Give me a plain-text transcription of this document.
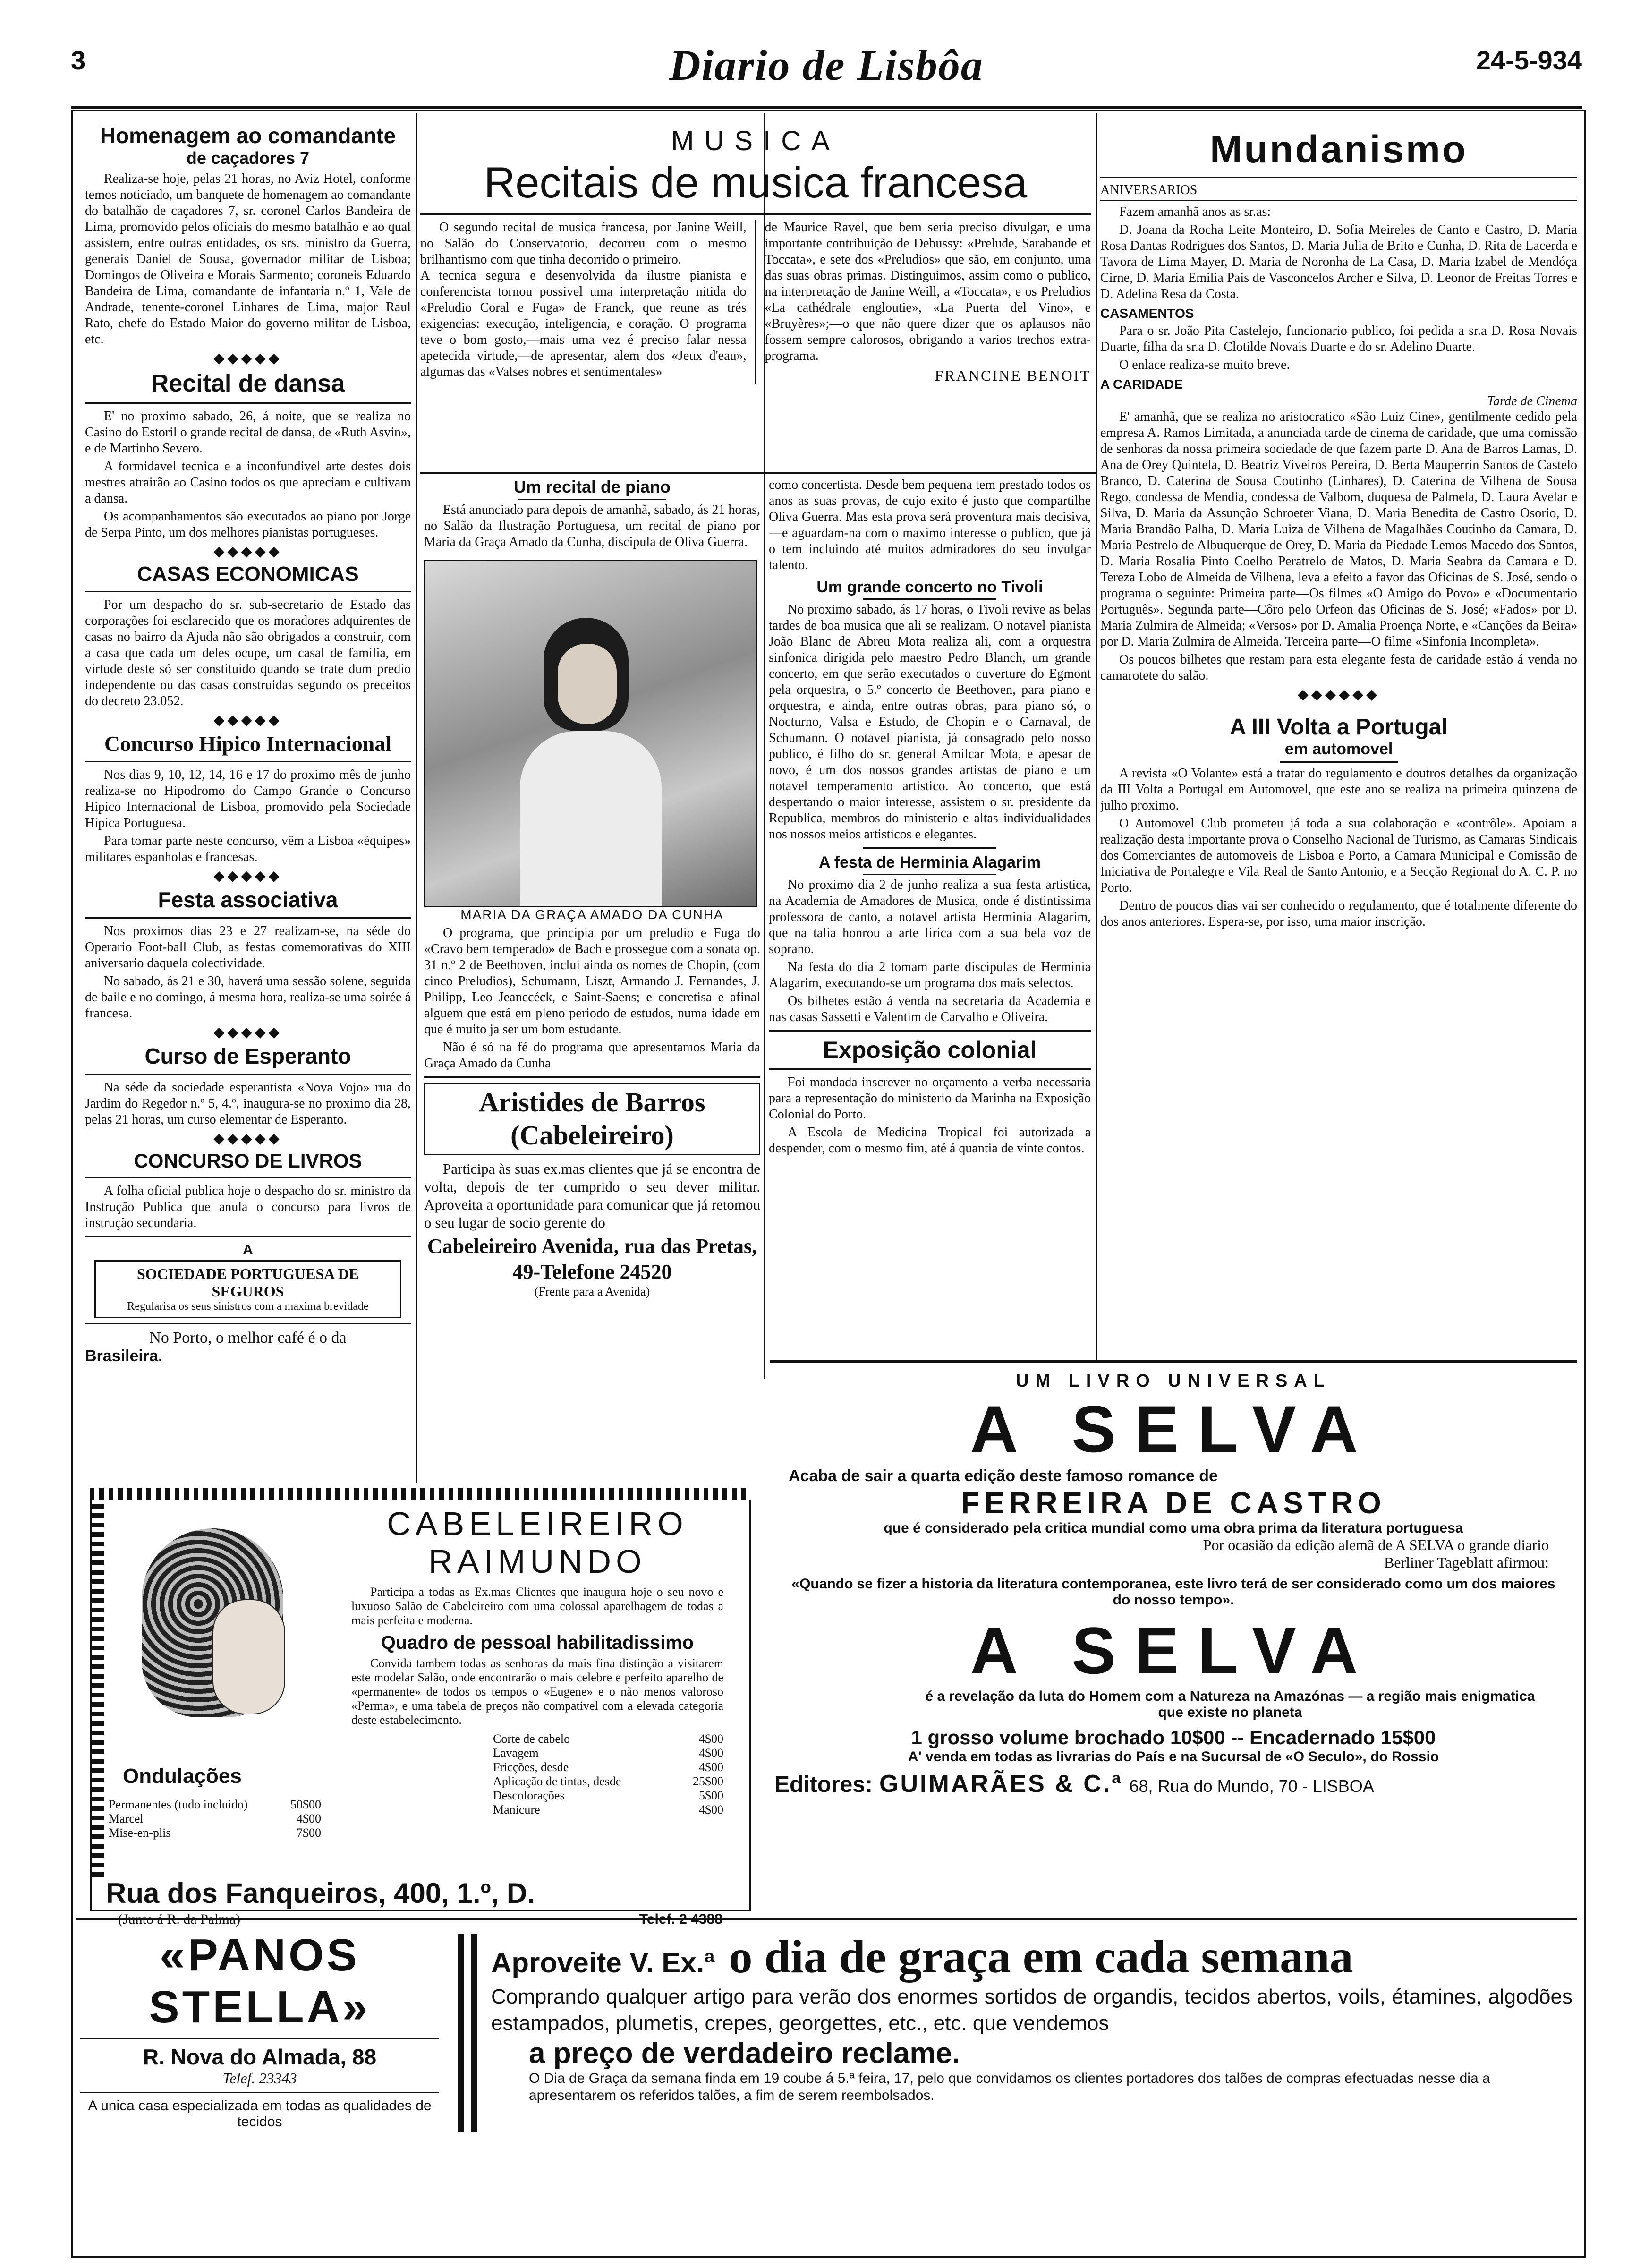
3	Diario de Lisbôa	24-5-934
Homenagem ao comandante
de caçadores 7

Realiza-se hoje, pelas 21 horas, no Aviz Hotel, conforme temos noticiado, um banquete de homenagem ao comandante do batalhão de caçadores 7, sr. coronel Carlos Bandeira de Lima, promovido pelos oficiais do mesmo batalhão e ao qual assistem, entre outras entidades, os srs. ministro da Guerra, generais Daniel de Sousa, governador militar de Lisboa; Domingos de Oliveira e Morais Sarmento; coroneis Eduardo Bandeira de Lima, comandante de infantaria n.º 1, Vale de Andrade, tenente-coronel Linhares de Lima, major Raul Rato, chefe do Estado Maior do governo militar de Lisboa, etc.

◆◆◆◆◆
Recital de dansa

E' no proximo sabado, 26, á noite, que se realiza no Casino do Estoril o grande recital de dansa, de «Ruth Asvin», e de Martinho Severo.

A formidavel tecnica e a inconfundivel arte destes dois mestres atrairão ao Casino todos os que apreciam e cultivam a dansa.

Os acompanhamentos são executados ao piano por Jorge de Serpa Pinto, um dos melhores pianistas portugueses.

◆◆◆◆◆
CASAS ECONOMICAS

Por um despacho do sr. sub-secretario de Estado das corporações foi esclarecido que os moradores adquirentes de casas no bairro da Ajuda não são obrigados a construir, com a casa que cada um deles ocupe, um casal de familia, em virtude deste só ser constituido quando se trate dum predio independente ou das casas construidas segundo os preceitos do decreto 23.052.

◆◆◆◆◆
Concurso Hipico Internacional

Nos dias 9, 10, 12, 14, 16 e 17 do proximo mês de junho realiza-se no Hipodromo do Campo Grande o Concurso Hipico Internacional de Lisboa, promovido pela Sociedade Hipica Portuguesa.

Para tomar parte neste concurso, vêm a Lisboa «équipes» militares espanholas e francesas.

◆◆◆◆◆
Festa associativa

Nos proximos dias 23 e 27 realizam-se, na séde do Operario Foot-ball Club, as festas comemorativas do XIII aniversario daquela colectividade.

No sabado, ás 21 e 30, haverá uma sessão solene, seguida de baile e no domingo, á mesma hora, realiza-se uma soirée á francesa.

◆◆◆◆◆
Curso de Esperanto

Na séde da sociedade esperantista «Nova Vojo» rua do Jardim do Regedor n.º 5, 4.º, inaugura-se no proximo dia 28, pelas 21 horas, um curso elementar de Esperanto.

◆◆◆◆◆
CONCURSO DE LIVROS

A folha oficial publica hoje o despacho do sr. ministro da Instrução Publica que anula o concurso para livros de instrução secundaria.

A
SOCIEDADE PORTUGUESA DE SEGUROS
Regularisa os seus sinistros com a maxima brevidade
No Porto, o melhor café é o da
Brasileira.
MUSICA
Recitais de musica francesa
O segundo recital de musica francesa, por Janine Weill, no Salão do Conservatorio, decorreu com o mesmo brilhantismo com que tinha decorrido o primeiro.
A tecnica segura e desenvolvida da ilustre pianista e conferencista tornou possivel uma interpretação nitida do «Preludio Coral e Fuga» de Franck, que reune as trés exigencias: execução, inteligencia, e coração. O programa teve o bom gosto,—mais uma vez é preciso falar nessa apetecida virtude,—de apresentar, alem dos «Jeux d'eau», algumas das «Valses nobres et sentimentales»
de Maurice Ravel, que bem seria preciso divulgar, e uma importante contribuição de Debussy: «Prelude, Sarabande et Toccata», e sete dos «Preludios» que são, em conjunto, uma das suas obras primas. Distinguimos, assim como o publico, na interpretação de Janine Weill, a «Toccata», e os Preludios «La cathédrale engloutie», «La Puerta del Vino», e «Bruyères»;—o que não quere dizer que os aplausos não fossem sempre calorosos, obrigando a varios trechos extra-programa.
FRANCINE BENOIT
Um recital de piano

Está anunciado para depois de amanhã, sabado, ás 21 horas, no Salão da Ilustração Portuguesa, um recital de piano por Maria da Graça Amado da Cunha, discipula de Oliva Guerra.

MARIA DA GRAÇA AMADO DA CUNHA

O programa, que principia por um preludio e Fuga do «Cravo bem temperado» de Bach e prossegue com a sonata op. 31 n.º 2 de Beethoven, inclui ainda os nomes de Chopin, (com cinco Preludios), Schumann, Liszt, Armando J. Fernandes, J. Philipp, Leo Jeanccéck, e Saint-Saens; e concretisa e afinal alguem que está em pleno periodo de estudos, numa idade em que é muito ja ser um bom estudante.

Não é só na fé do programa que apresentamos Maria da Graça Amado da Cunha

Aristides de Barros (Cabeleireiro)

Participa às suas ex.mas clientes que já se encontra de volta, depois de ter cumprido o seu dever militar. Aproveita a oportunidade para comunicar que já retomou o seu lugar de socio gerente do

Cabeleireiro Avenida, rua das Pretas, 49-Telefone 24520
(Frente para a Avenida)

como concertista. Desde bem pequena tem prestado todos os anos as suas provas, de cujo exito é justo que compartilhe Oliva Guerra. Mas esta prova será proventura mais decisiva,—e aguardam-na com o maximo interesse o publico, que já o tem incluindo até muitos admiradores do seu invulgar talento.

Um grande concerto no Tivoli

No proximo sabado, ás 17 horas, o Tivoli revive as belas tardes de boa musica que ali se realizam. O notavel pianista João Blanc de Abreu Mota realiza ali, com a orquestra sinfonica dirigida pelo maestro Pedro Blanch, um grande concerto, em que serão executados o cuverture do Egmont pela orquestra, o 5.º concerto de Beethoven, para piano e orquestra, e ainda, entre outras obras, para piano só, o Nocturno, Valsa e Estudo, de Chopin e o Carnaval, de Schumann. O notavel pianista, já consagrado pelo nosso publico, é filho do sr. general Amilcar Mota, e apesar de novo, é um dos nossos grandes artistas de piano e um notavel temperamento artistico. Ao concerto, que está despertando o maior interesse, assistem o sr. presidente da Republica, membros do ministerio e altas individualidades nos nossos meios artisticos e elegantes.

A festa de Herminia Alagarim

No proximo dia 2 de junho realiza a sua festa artistica, na Academia de Amadores de Musica, onde é distintissima professora de canto, a notavel artista Herminia Alagarim, que na talia honrou a arte lirica com a sua bela voz de soprano.

Na festa do dia 2 tomam parte discipulas de Herminia Alagarim, executando-se um programa dos mais selectos.

Os bilhetes estão á venda na secretaria da Academia e nas casas Sassetti e Valentim de Carvalho e Oliveira.

Exposição colonial

Foi mandada inscrever no orçamento a verba necessaria para a representação do ministerio da Marinha na Exposição Colonial do Porto.

A Escola de Medicina Tropical foi autorizada a despender, com o mesmo fim, até á quantia de vinte contos.

Mundanismo
ANIVERSARIOS

Fazem amanhã anos as sr.as:

D. Joana da Rocha Leite Monteiro, D. Sofia Meireles de Canto e Castro, D. Maria Rosa Dantas Rodrigues dos Santos, D. Maria Julia de Brito e Cunha, D. Rita de Lacerda e Tavora de Lima Mayer, D. Maria de Noronha de La Casa, D. Maria Izabel de Mendóça Cirne, D. Maria Emilia Pais de Vasconcelos Archer e Silva, D. Leonor de Freitas Torres e D. Adelina Resa da Costa.

CASAMENTOS

Para o sr. João Pita Castelejo, funcionario publico, foi pedida a sr.a D. Rosa Novais Duarte, filha da sr.a D. Clotilde Novais Duarte e do sr. Adelino Duarte.

O enlace realiza-se muito breve.

A CARIDADE
Tarde de Cinema

E' amanhã, que se realiza no aristocratico «São Luiz Cine», gentilmente cedido pela empresa A. Ramos Limitada, a anunciada tarde de cinema de caridade, que uma comissão de senhoras da nossa primeira sociedade de que fazem parte D. Ana de Barros Lamas, D. Ana de Orey Quintela, D. Beatriz Viveiros Pereira, D. Berta Mauperrin Santos de Castelo Branco, D. Caterina de Sousa Coutinho (Linhares), D. Caterina de Vilhena de Sousa Rego, condessa de Mendia, condessa de Valbom, duquesa de Palmela, D. Laura Avelar e Silva, D. Maria da Assunção Schroeter Viana, D. Maria Benedita de Castro Osorio, D. Maria Brandão Palha, D. Maria Luiza de Vilhena de Magalhães Coutinho da Camara, D. Maria Pestrelo de Albuquerque de Orey, D. Maria da Piedade Lemos Macedo dos Santos, D. Maria Rosalia Pinto Coelho Peratrelo de Matos, D. Maria Seabra da Camara e D. Tereza Lobo de Almeida de Vilhena, leva a efeito a favor das Oficinas de S. José, sendo o programa o seguinte: Primeira parte—Os filmes «O Amigo do Povo» e «Documentario Português». Segunda parte—Côro pelo Orfeon das Oficinas de S. José; «Fados» por D. Maria Zulmira de Almeida; «Versos» por D. Amalia Proença Norte, e «Canções da Beira» por D. Maria Zulmira de Almeida. Terceira parte—O filme «Sinfonia Incompleta».

Os poucos bilhetes que restam para esta elegante festa de caridade estão á venda no camarotete do salão.

◆◆◆◆◆◆
A III Volta a Portugal
em automovel

A revista «O Volante» está a tratar do regulamento e doutros detalhes da organização da III Volta a Portugal em Automovel, que este ano se realiza na primeira quinzena de julho proximo.

O Automovel Club prometeu já toda a sua colaboração e «contrôle». Apoiam a realização desta importante prova o Conselho Nacional de Turismo, as Camaras Sindicais dos Comerciantes de automoveis de Lisboa e Porto, a Camara Municipal e Comissão de Iniciativa de Portalegre e Vila Real de Santo Antonio, e a Secção Regional do A. C. P. no Porto.

Dentro de poucos dias vai ser conhecido o regulamento, que é totalmente diferente do dos anos anteriores. Espera-se, por isso, uma maior inscrição.

UM LIVRO UNIVERSAL
A SELVA
Acaba de sair a quarta edição deste famoso romance de
FERREIRA DE CASTRO
que é considerado pela critica mundial como uma obra prima da literatura portuguesa
Por ocasião da edição alemã de A SELVA o grande diario Berliner Tageblatt afirmou:
«Quando se fizer a historia da literatura contemporanea, este livro terá de ser considerado como um dos maiores do nosso tempo».
A SELVA
é a revelação da luta do Homem com a Natureza na Amazónas — a região mais enigmatica que existe no planeta
1 grosso volume brochado 10$00 -- Encadernado 15$00
A' venda em todas as livrarias do País e na Sucursal de «O Seculo», do Rossio
Editores: GUIMARÃES & C.ª 68, Rua do Mundo, 70 - LISBOA
Ondulações
Permanentes (tudo incluido)	50$00
Marcel	4$00
Mise-en-plis	7$00
CABELEIREIRO RAIMUNDO

Participa a todas as Ex.mas Clientes que inaugura hoje o seu novo e luxuoso Salão de Cabeleireiro com uma colossal aparelhagem de todas a mais perfeita e moderna.

Quadro de pessoal habilitadissimo

Convida tambem todas as senhoras da mais fina distinção a visitarem este modelar Salão, onde encontrarão o mais celebre e perfeito aparelho de «permanente» de todos os tempos o «Eugene» e o não menos valoroso «Perma», e uma tabela de preços não compativel com a elevada categoria deste estabelecimento.

Corte de cabelo	4$00
Lavagem	4$00
Fricções, desde	4$00
Aplicação de tintas, desde	25$00
Descolorações	5$00
Manicure	4$00
Rua dos Fanqueiros, 400, 1.º, D.
(Junto á R. da Palma)	Telef. 2 4388
«PANOS STELLA»
R. Nova do Almada, 88
Telef. 23343
A unica casa especializada em todas as qualidades de tecidos
Aproveite V. Ex.ª o dia de graça em cada semana
Comprando qualquer artigo para verão dos enormes sortidos de organdis, tecidos abertos, voils, étamines, algodões estampados, plumetis, crepes, georgettes, etc., etc. que vendemos
a preço de verdadeiro reclame.
O Dia de Graça da semana finda em 19 coube á 5.ª feira, 17, pelo que convidamos os clientes portadores dos talões de compras efectuadas nesse dia a apresentarem os referidos talões, a fim de serem reembolsados.
